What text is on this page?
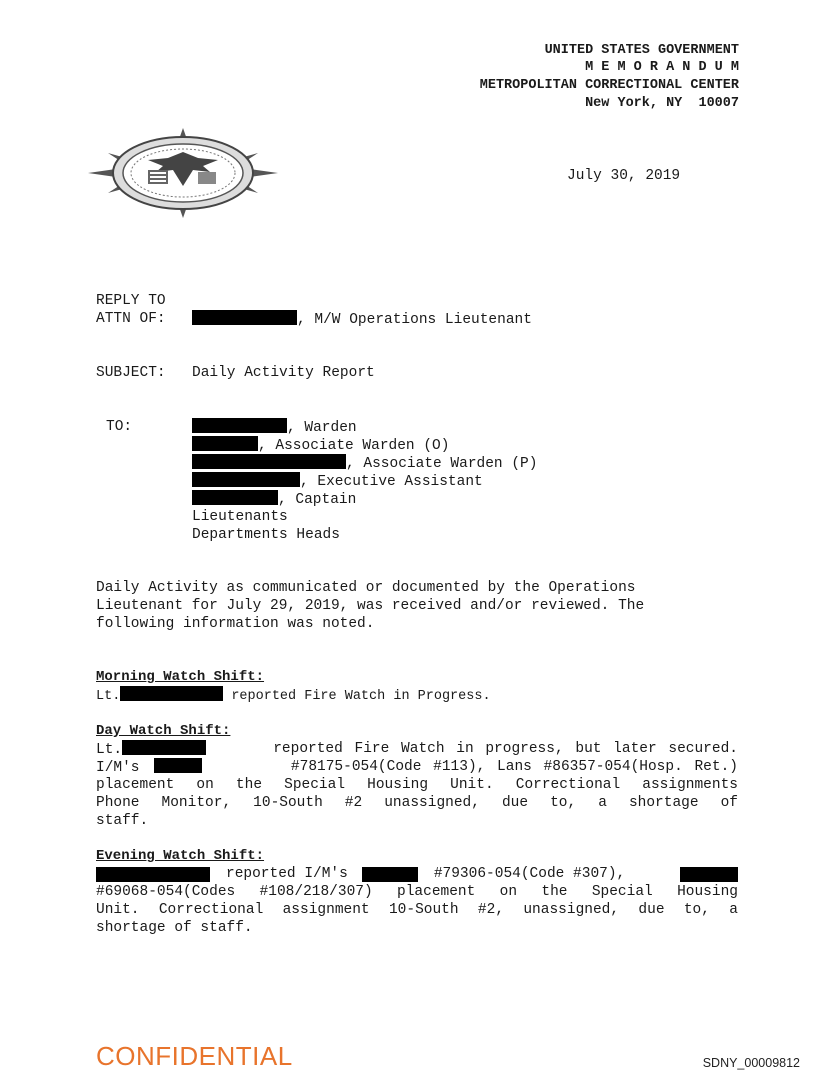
UNITED STATES GOVERNMENT
M E M O R A N D U M
METROPOLITAN CORRECTIONAL CENTER
New York, NY  10007
July 30, 2019
REPLY TO
ATTN OF:	, M/W Operations Lieutenant
SUBJECT: Daily Activity Report
TO:	, Warden
, Associate Warden (O)
, Associate Warden (P)
, Executive Assistant
, Captain
Lieutenants
Departments Heads
Daily Activity as communicated or documented by the Operations
Lieutenant for July 29, 2019, was received and/or reviewed. The
following information was noted.
Morning Watch Shift:
Lt.	reported Fire Watch in Progress.
Day Watch Shift:
Lt.	reported Fire Watch in progress, but later secured.
I/M's	#78175-054(Code #113), Lans #86357-054(Hosp. Ret.)
placement on the Special Housing Unit. Correctional assignments
Phone Monitor, 10-South #2 unassigned, due to, a shortage of
staff.
Evening Watch Shift:
reported I/M's	#79306-054(Code #307),
#69068-054(Codes #108/218/307) placement on the Special Housing
Unit. Correctional assignment 10-South #2, unassigned, due to, a
shortage of staff.
CONFIDENTIAL	SDNY_00009812
